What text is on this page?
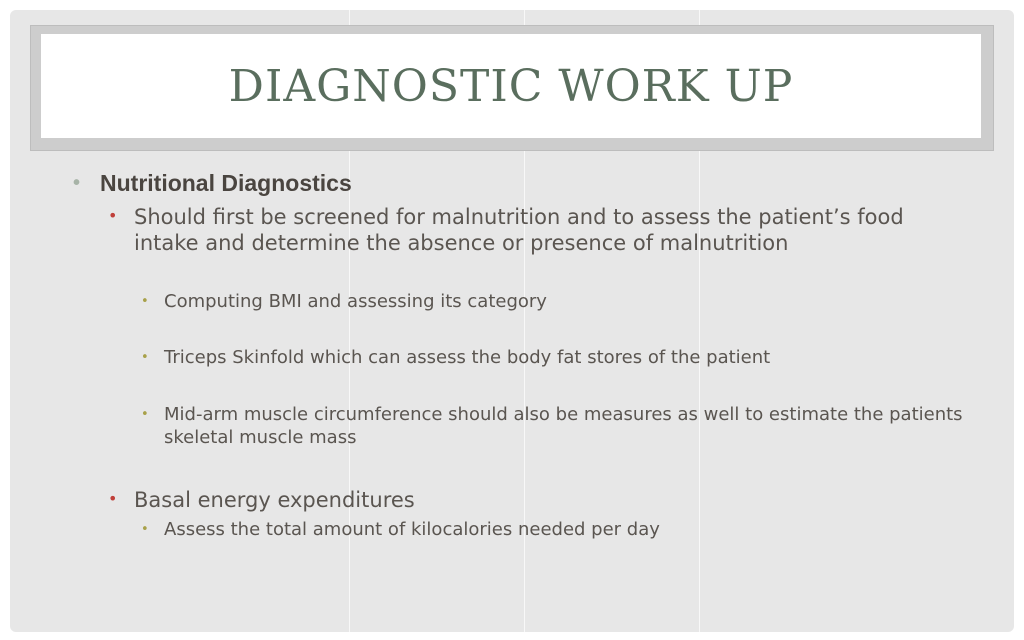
DIAGNOSTIC WORK UP
• Nutritional Diagnostics
• Should first be screened for malnutrition and to assess the patient’s food intake and determine the absence or presence of malnutrition
• Computing BMI and assessing its category
• Triceps Skinfold which can assess the body fat stores of the patient
• Mid-arm muscle circumference should also be measures as well to estimate the patients skeletal muscle mass
• Basal energy expenditures
• Assess the total amount of kilocalories needed per day
